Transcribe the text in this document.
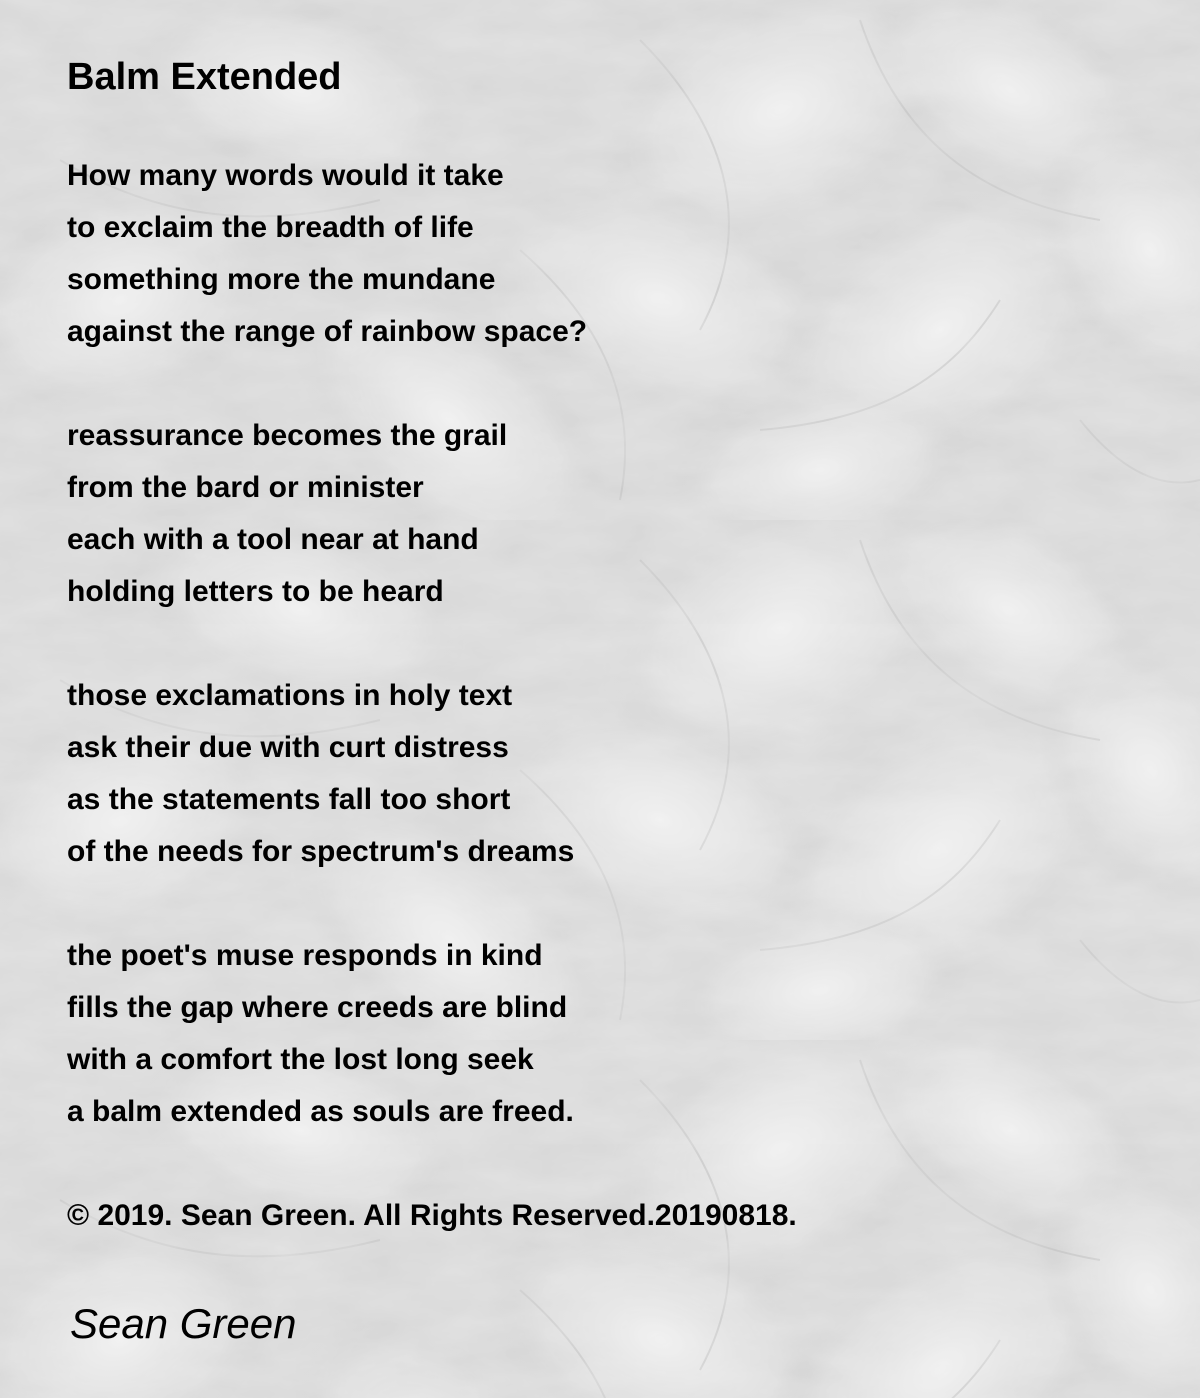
Balm Extended
How many words would it take
to exclaim the breadth of life
something more the mundane
against the range of rainbow space?
reassurance becomes the grail
from the bard or minister
each with a tool near at hand
holding letters to be heard
those exclamations in holy text
ask their due with curt distress
as the statements fall too short
of the needs for spectrum's dreams
the poet's muse responds in kind
fills the gap where creeds are blind
with a comfort the lost long seek
a balm extended as souls are freed.
© 2019. Sean Green. All Rights Reserved.20190818.
Sean Green
